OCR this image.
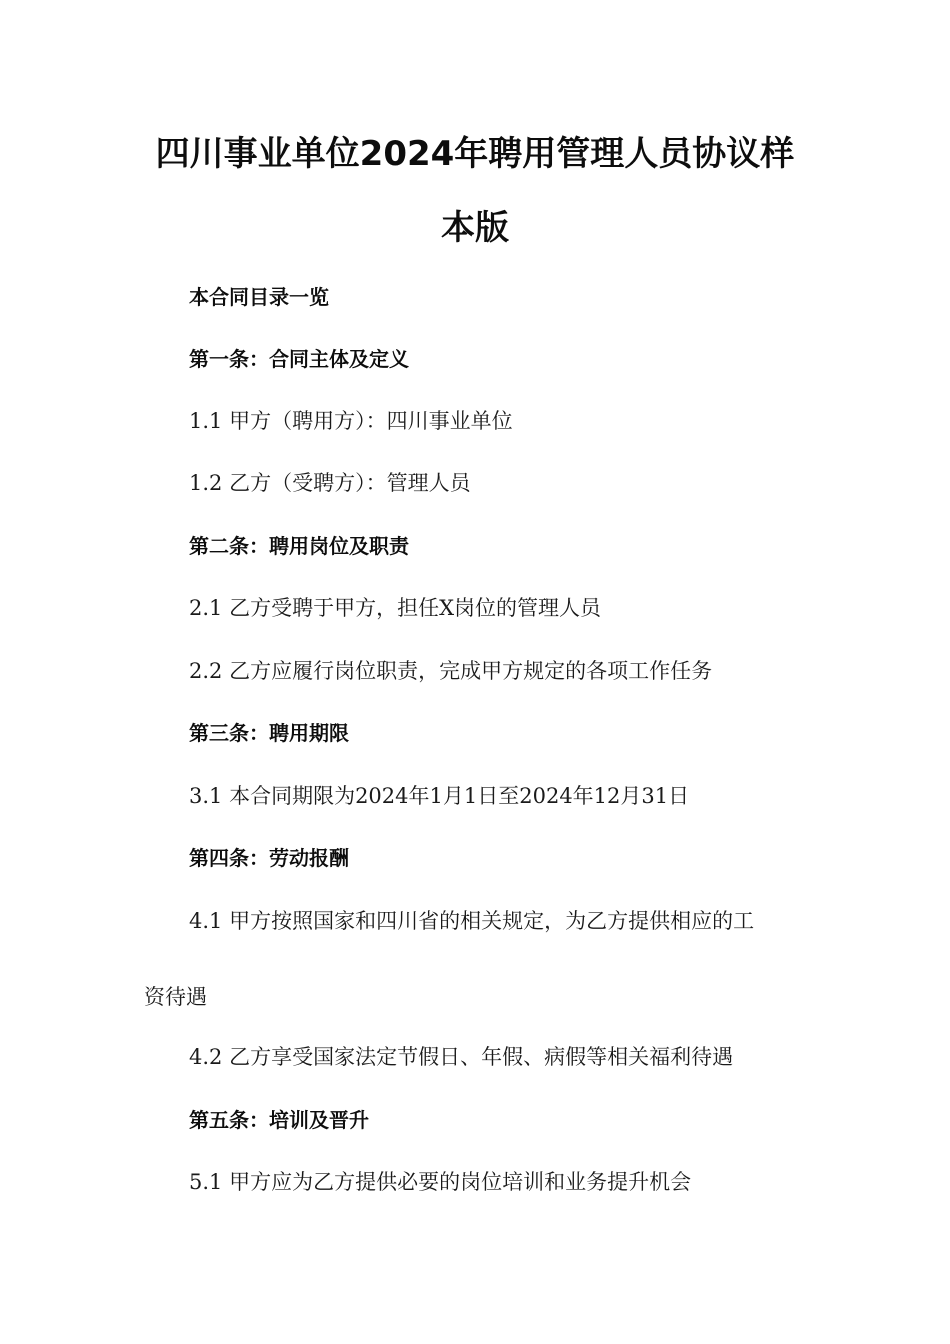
四川事业单位2024年聘用管理人员协议样
本版
本合同目录一览
第一条：合同主体及定义
1.1 甲方（聘用方）：四川事业单位
1.2 乙方（受聘方）：管理人员
第二条：聘用岗位及职责
2.1 乙方受聘于甲方，担任X岗位的管理人员
2.2 乙方应履行岗位职责，完成甲方规定的各项工作任务
第三条：聘用期限
3.1 本合同期限为2024年1月1日至2024年12月31日
第四条：劳动报酬
4.1 甲方按照国家和四川省的相关规定，为乙方提供相应的工
资待遇
4.2 乙方享受国家法定节假日、年假、病假等相关福利待遇
第五条：培训及晋升
5.1 甲方应为乙方提供必要的岗位培训和业务提升机会
